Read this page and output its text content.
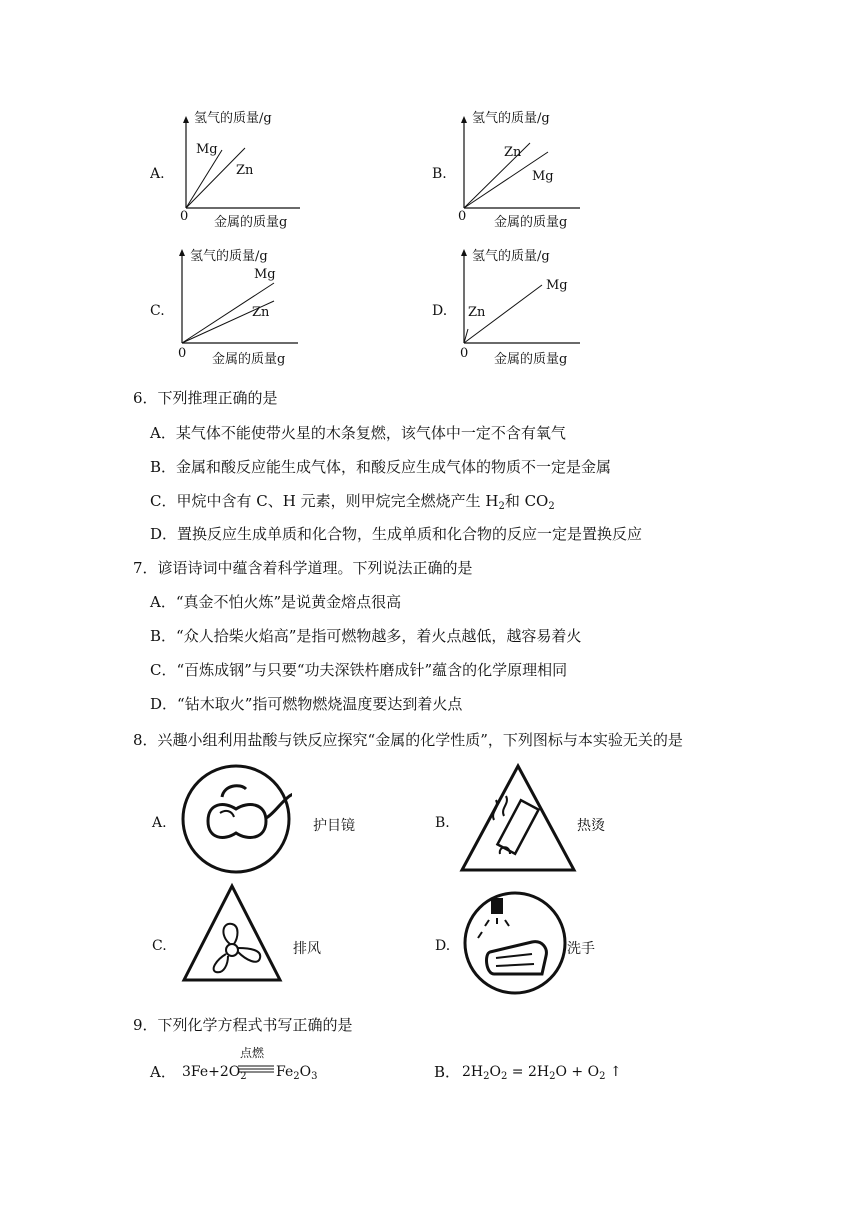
A.
氢气的质量/g
Mg
Zn
0 金属的质量g
B.
氢气的质量/g
Zn
Mg
0 金属的质量g
C.
氢气的质量/g
Mg
Zn
0 金属的质量g
D.
氢气的质量/g
Zn
Mg
0 金属的质量g
6．下列推理正确的是
A．某气体不能使带火星的木条复燃，该气体中一定不含有氧气
B．金属和酸反应能生成气体，和酸反应生成气体的物质不一定是金属
C．甲烷中含有 C、H 元素，则甲烷完全燃烧产生 $H_2$和 $CO_2$
D．置换反应生成单质和化合物，生成单质和化合物的反应一定是置换反应
7．谚语诗词中蕴含着科学道理。下列说法正确的是
A．“真金不怕火炼”是说黄金熔点很高
B．“众人拾柴火焰高”是指可燃物越多，着火点越低，越容易着火
C．“百炼成钢”与只要“功夫深铁杵磨成针”蕴含的化学原理相同
D．“钻木取火”指可燃物燃烧温度要达到着火点
8．兴趣小组利用盐酸与铁反应探究“金属的化学性质”，下列图标与本实验无关的是
A.	护目镜	B.	热烫
C.	排风	D.	洗手
9．下列化学方程式书写正确的是
A． $3Fe+2O_2$
点燃
$Fe_2O_3$	B． $2H_2O_2 = 2H_2O + O_2$ ↑
